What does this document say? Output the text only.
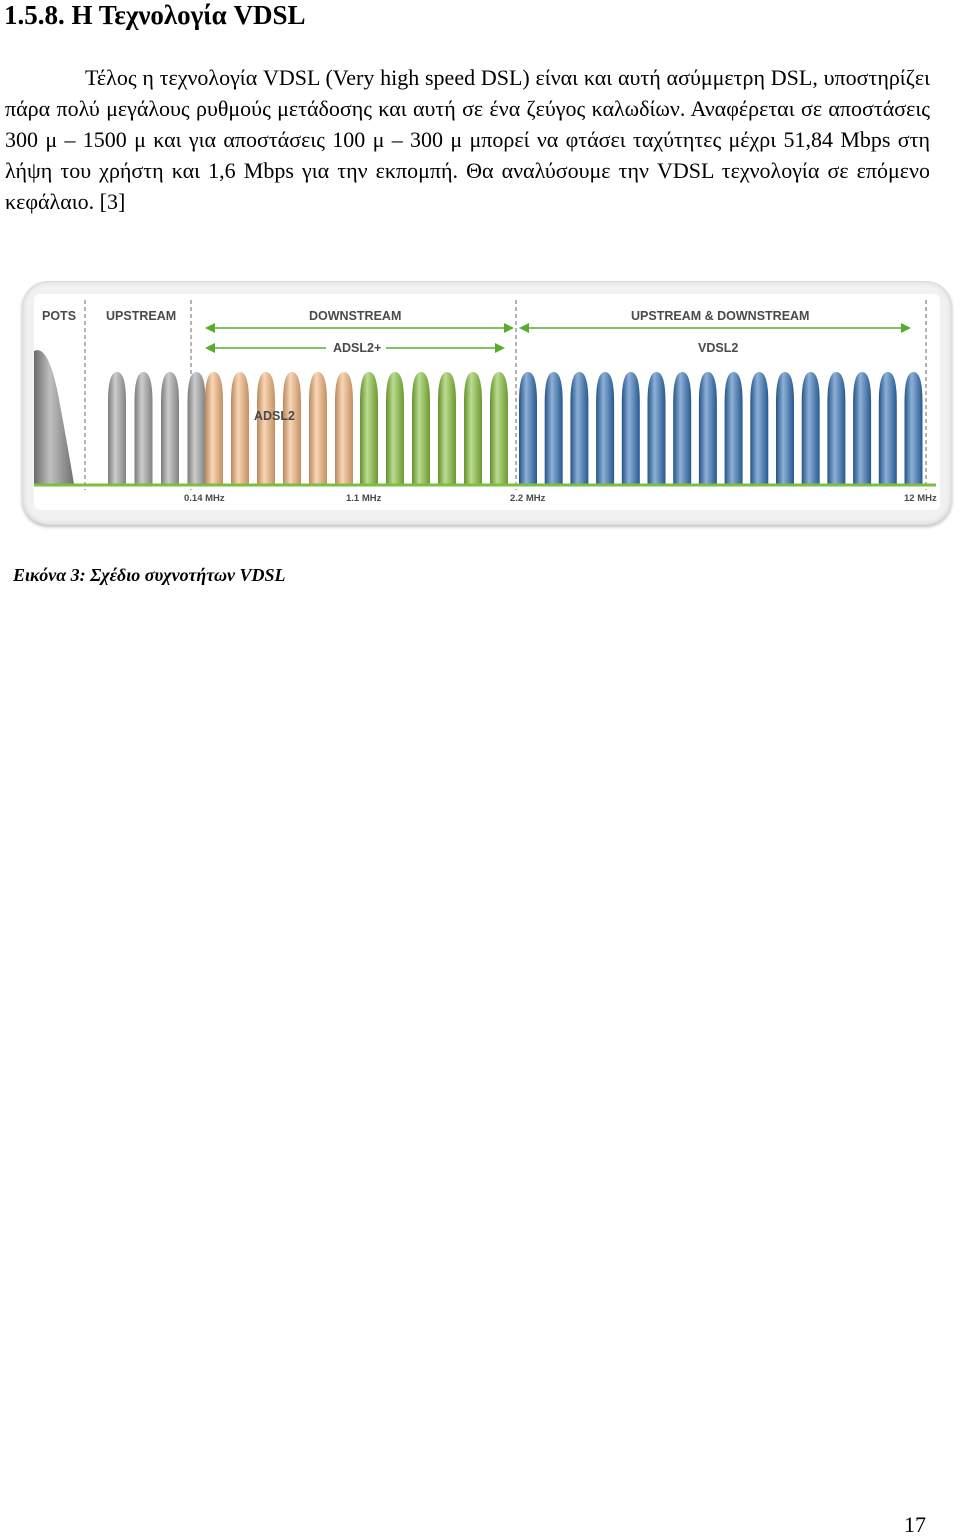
1.5.8. Η Τεχνολογία VDSL

Τέλος η τεχνολογία VDSL (Very high speed DSL) είναι και αυτή ασύμμετρη DSL, υποστηρίζει πάρα πολύ μεγάλους ρυθμούς μετάδοσης και αυτή σε ένα ζεύγος καλωδίων. Αναφέρεται σε αποστάσεις 300 μ – 1500 μ και για αποστάσεις 100 μ – 300 μ μπορεί να φτάσει ταχύτητες μέχρι 51,84 Mbps στη λήψη του χρήστη και 1,6 Mbps για την εκπομπή. Θα αναλύσουμε την VDSL τεχνολογία σε επόμενο κεφάλαιο. [3]

POTS UPSTREAM	DOWNSTREAM	UPSTREAM & DOWNSTREAM
ADSL2+	VDSL2
ADSL2
0.14 MHz	1.1 MHz	2.2 MHz	12 MHz

Εικόνα 3: Σχέδιο συχνοτήτων VDSL

17
